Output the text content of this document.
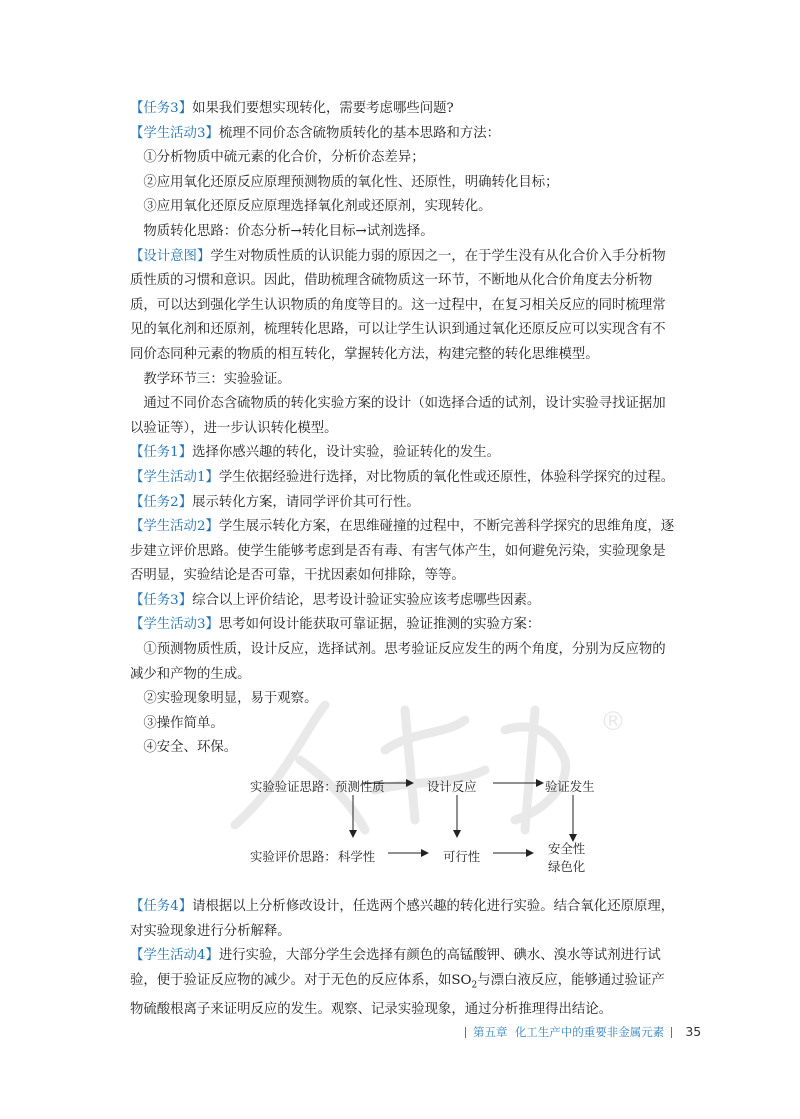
®

【任务3】如果我们要想实现转化，需要考虑哪些问题?

【学生活动3】梳理不同价态含硫物质转化的基本思路和方法：

①分析物质中硫元素的化合价，分析价态差异；

②应用氧化还原反应原理预测物质的氧化性、还原性，明确转化目标；

③应用氧化还原反应原理选择氧化剂或还原剂，实现转化。

物质转化思路：价态分析→转化目标→试剂选择。

【设计意图】学生对物质性质的认识能力弱的原因之一，在于学生没有从化合价入手分析物质性质的习惯和意识。因此，借助梳理含硫物质这一环节，不断地从化合价角度去分析物质，可以达到强化学生认识物质的角度等目的。这一过程中，在复习相关反应的同时梳理常见的氧化剂和还原剂，梳理转化思路，可以让学生认识到通过氧化还原反应可以实现含有不同价态同种元素的物质的相互转化，掌握转化方法，构建完整的转化思维模型。

教学环节三：实验验证。

通过不同价态含硫物质的转化实验方案的设计（如选择合适的试剂，设计实验寻找证据加以验证等），进一步认识转化模型。

【任务1】选择你感兴趣的转化，设计实验，验证转化的发生。

【学生活动1】学生依据经验进行选择，对比物质的氧化性或还原性，体验科学探究的过程。

【任务2】展示转化方案，请同学评价其可行性。

【学生活动2】学生展示转化方案，在思维碰撞的过程中，不断完善科学探究的思维角度，逐步建立评价思路。使学生能够考虑到是否有毒、有害气体产生，如何避免污染，实验现象是否明显，实验结论是否可靠，干扰因素如何排除，等等。

【任务3】综合以上评价结论，思考设计验证实验应该考虑哪些因素。

【学生活动3】思考如何设计能获取可靠证据，验证推测的实验方案：

①预测物质性质，设计反应，选择试剂。思考验证反应发生的两个角度，分别为反应物的减少和产物的生成。

②实验现象明显，易于观察。

③操作简单。

④安全、环保。

实验验证思路：
预测性质	设计反应	验证发生
实验评价思路： 科学性	可行性
安全性
绿色化

【任务4】请根据以上分析修改设计，任选两个感兴趣的转化进行实验。结合氧化还原原理，对实验现象进行分析解释。

【学生活动4】进行实验，大部分学生会选择有颜色的高锰酸钾、碘水、溴水等试剂进行试验，便于验证反应物的减少。对于无色的反应体系，如$SO_2$与漂白液反应，能够通过验证产物硫酸根离子来证明反应的发生。观察、记录实验现象，通过分析推理得出结论。

第五章 化工生产中的重要非金属元素 35
